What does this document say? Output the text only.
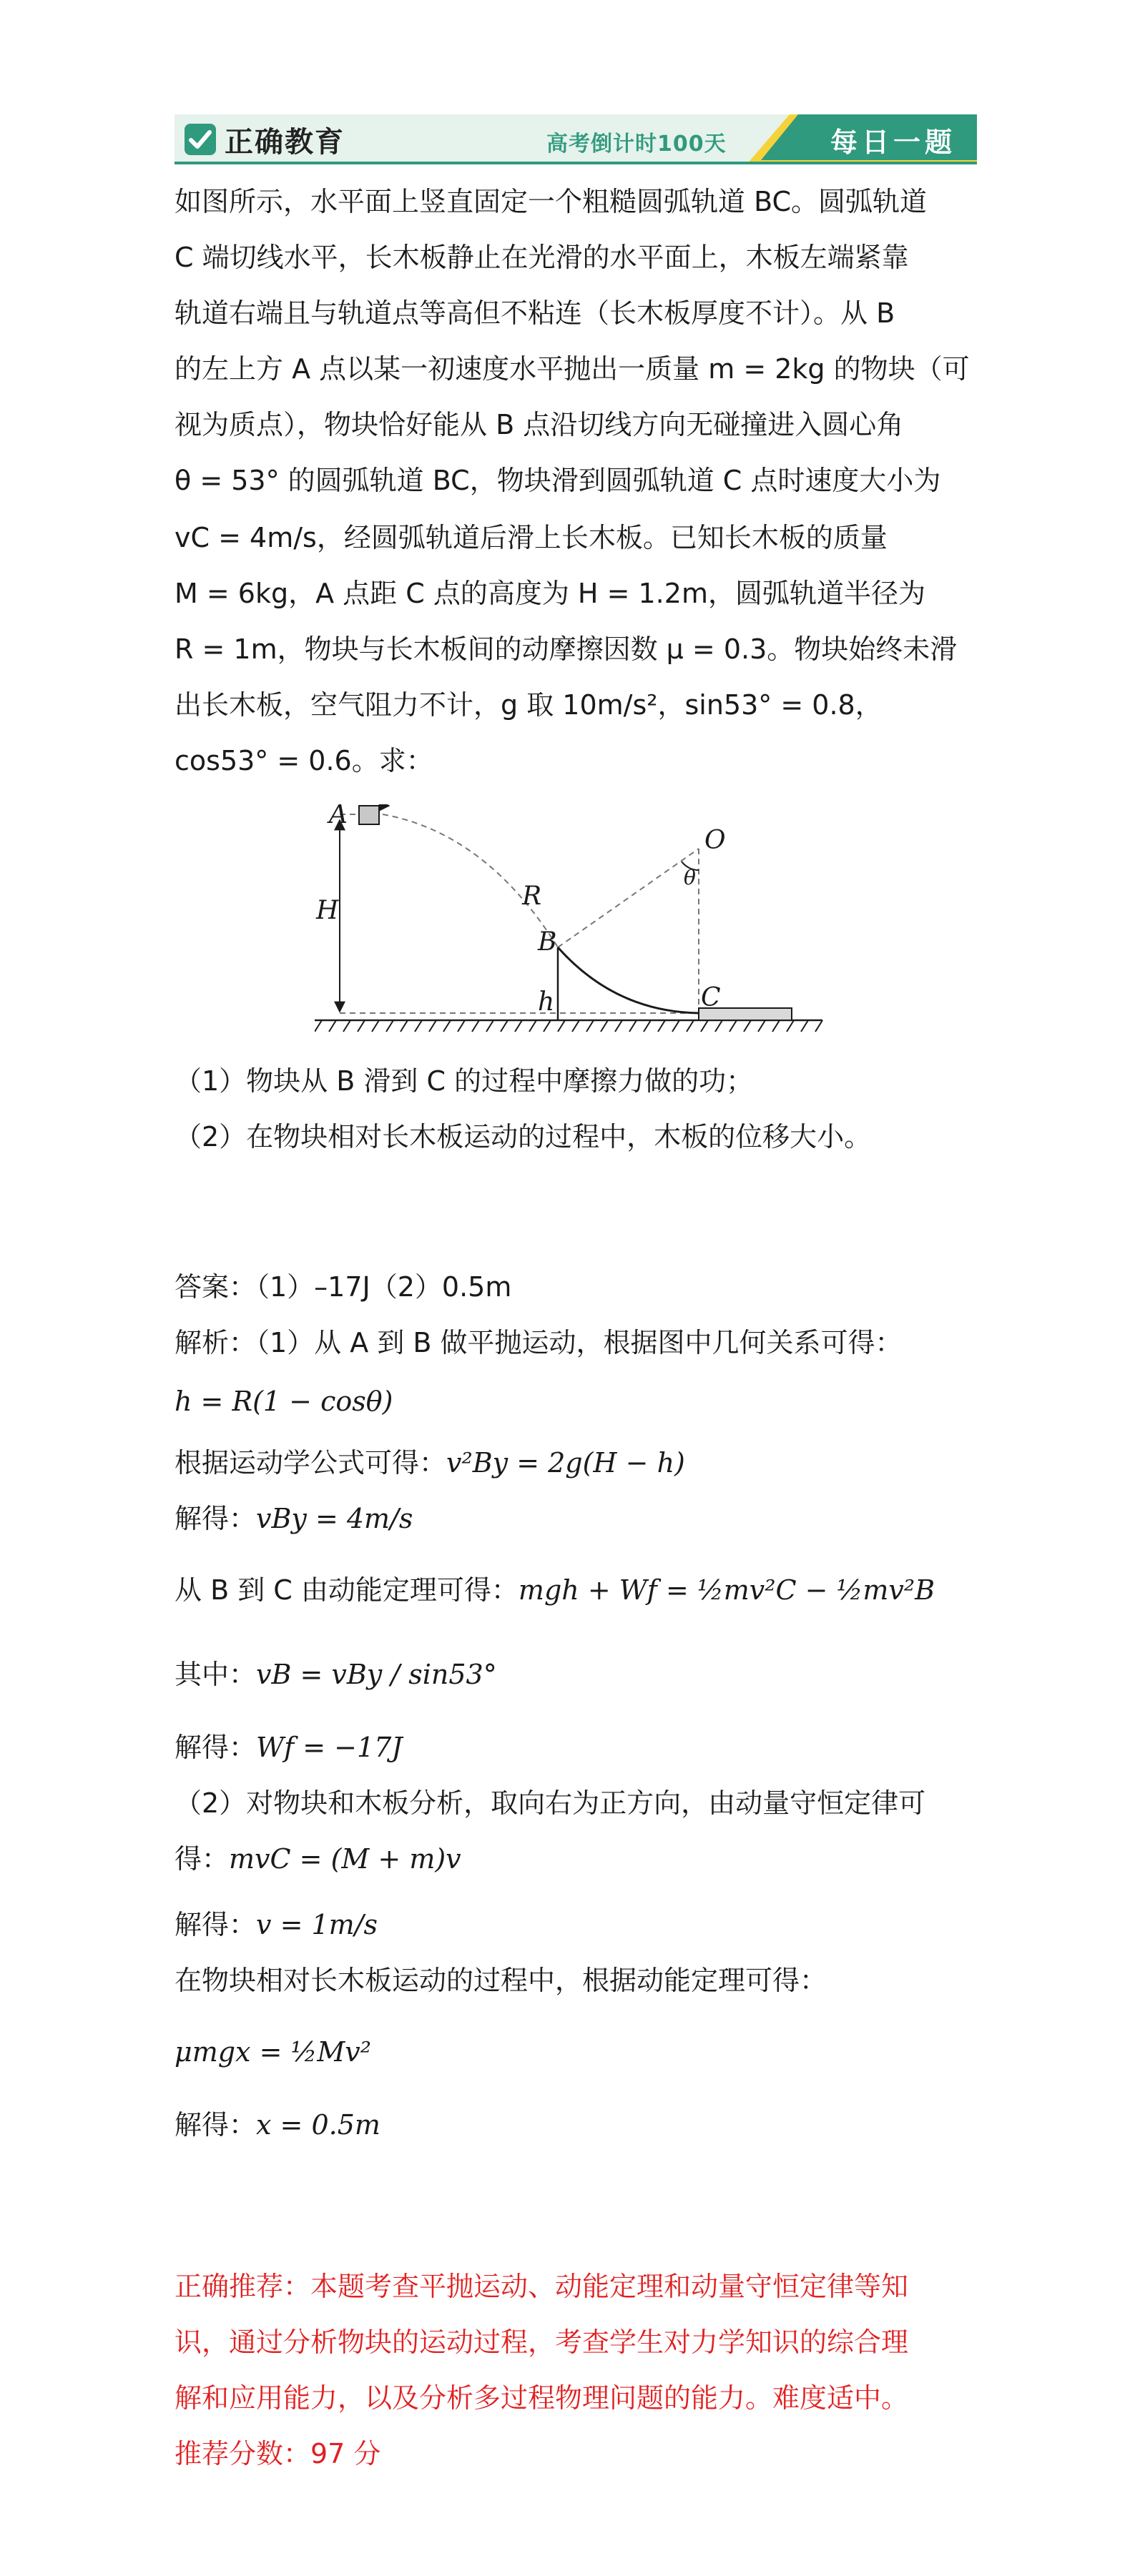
正确教育	高考倒计时100天	每日一题
如图所示，水平面上竖直固定一个粗糙圆弧轨道 BC。圆弧轨道
C 端切线水平，长木板静止在光滑的水平面上，木板左端紧靠
轨道右端且与轨道点等高但不粘连（长木板厚度不计）。从 B
的左上方 A 点以某一初速度水平抛出一质量 m = 2kg 的物块（可
视为质点），物块恰好能从 B 点沿切线方向无碰撞进入圆心角
θ = 53° 的圆弧轨道 BC，物块滑到圆弧轨道 C 点时速度大小为
vC = 4m/s，经圆弧轨道后滑上长木板。已知长木板的质量
M = 6kg，A 点距 C 点的高度为 H = 1.2m，圆弧轨道半径为
R = 1m，物块与长木板间的动摩擦因数 μ = 0.3。物块始终未滑
出长木板，空气阻力不计，g 取 10m/s²，sin53° = 0.8，
cos53° = 0.6。求：
A
H	R
O
θ
B
h	C
（1）物块从 B 滑到 C 的过程中摩擦力做的功；
（2）在物块相对长木板运动的过程中，木板的位移大小。
答案：（1）–17J（2）0.5m
解析：（1）从 A 到 B 做平抛运动，根据图中几何关系可得：
h = R(1 − cosθ)
根据运动学公式可得：v²By = 2g(H − h)
解得：vBy = 4m/s
从 B 到 C 由动能定理可得：mgh + Wf = ½mv²C − ½mv²B
其中：vB = vBy / sin53°
解得：Wf = −17J
（2）对物块和木板分析，取向右为正方向，由动量守恒定律可
得：mvC = (M + m)v
解得：v = 1m/s
在物块相对长木板运动的过程中，根据动能定理可得：
μmgx = ½Mv²
解得：x = 0.5m
正确推荐：本题考查平抛运动、动能定理和动量守恒定律等知
识，通过分析物块的运动过程，考查学生对力学知识的综合理
解和应用能力，以及分析多过程物理问题的能力。难度适中。
推荐分数：97 分
